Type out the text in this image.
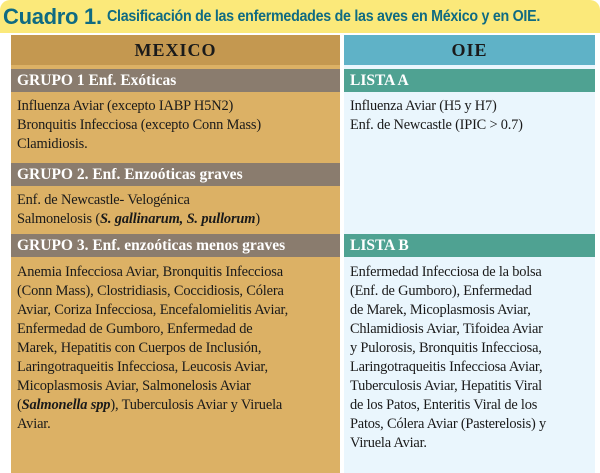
Cuadro 1. Clasificación de las enfermedades de las aves en México y en OIE.
MEXICO
GRUPO 1 Enf. Exóticas
Influenza Aviar (excepto IABP H5N2)
Bronquitis Infecciosa (excepto Conn Mass)
Clamidiosis.
GRUPO 2. Enf. Enzoóticas graves
Enf. de Newcastle- Velogénica
Salmonelosis (S. gallinarum, S. pullorum)
GRUPO 3. Enf. enzoóticas menos graves
Anemia Infecciosa Aviar, Bronquitis Infecciosa
(Conn Mass), Clostridiasis, Coccidiosis, Cólera
Aviar, Coriza Infecciosa, Encefalomielitis Aviar,
Enfermedad de Gumboro, Enfermedad de
Marek, Hepatitis con Cuerpos de Inclusión,
Laringotraqueitis Infecciosa, Leucosis Aviar,
Micoplasmosis Aviar, Salmonelosis Aviar
(Salmonella spp), Tuberculosis Aviar y Viruela
Aviar.
OIE
LISTA A
Influenza Aviar (H5 y H7)
Enf. de Newcastle (IPIC > 0.7)
LISTA B
Enfermedad Infecciosa de la bolsa
(Enf. de Gumboro), Enfermedad
de Marek, Micoplasmosis Aviar,
Chlamidiosis Aviar, Tifoidea Aviar
y Pulorosis, Bronquitis Infecciosa,
Laringotraqueitis Infecciosa Aviar,
Tuberculosis Aviar, Hepatitis Viral
de los Patos, Enteritis Viral de los
Patos, Cólera Aviar (Pasterelosis) y
Viruela Aviar.
